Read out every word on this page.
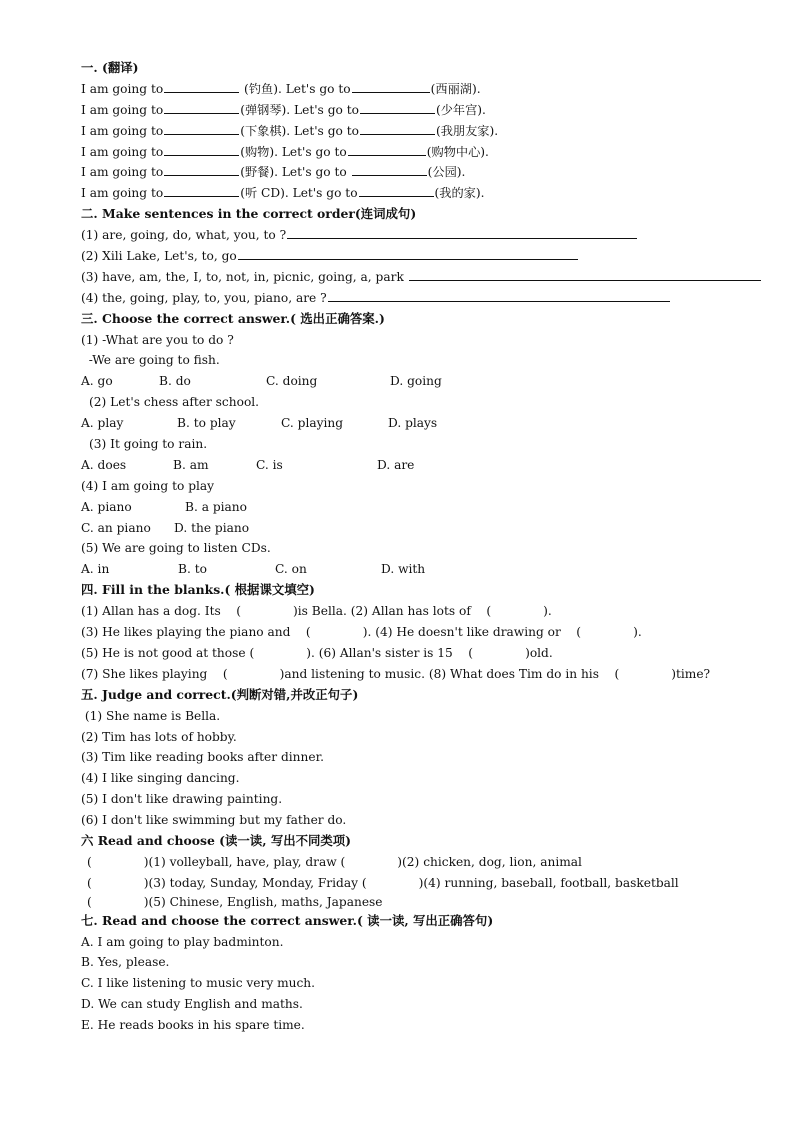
一. (翻译)
I am going to	(钓鱼). Let's go to	(西丽湖).
I am going to	(弹钢琴). Let's go to	(少年宫).
I am going to	(下象棋). Let's go to	(我朋友家).
I am going to	(购物). Let's go to	(购物中心).
I am going to	(野餐). Let's go to	(公园).
I am going to	(听 CD). Let's go to	(我的家).
二. Make sentences in the correct order(连词成句)
(1) are, going, do, what, you, to ?
(2) Xili Lake, Let's, to, go
(3) have, am, the, I, to, not, in, picnic, going, a, park
(4) the, going, play, to, you, piano, are ?
三. Choose the correct answer.( 选出正确答案.)
(1) -What are you to do ?
-We are going to fish.
A. go	B. do	C. doing	D. going
(2) Let's chess after school.
A. play	B. to play	C. playing	D. plays
(3) It going to rain.
A. does	B. am	C. is	D. are
(4) I am going to play
A. piano	B. a piano
C. an piano D. the piano
(5) We are going to listen CDs.
A. in	B. to	C. on	D. with
四. Fill in the blanks.( 根据课文填空)
(1) Allan has a dog. Its    (	)is Bella. (2) Allan has lots of    (	).
(3) He likes playing the piano and    (	). (4) He doesn't like drawing or    (	).
(5) He is not good at those (	). (6) Allan's sister is 15    (	)old.
(7) She likes playing    (	)and listening to music. (8) What does Tim do in his    (	)time?
五. Judge and correct.(判断对错,并改正句子)
(1) She name is Bella.
(2) Tim has lots of hobby.
(3) Tim like reading books after dinner.
(4) I like singing dancing.
(5) I don't like drawing painting.
(6) I don't like swimming but my father do.
六 Read and choose (读一读, 写出不同类项)
(	)(1) volleyball, have, play, draw (	)(2) chicken, dog, lion, animal
(	)(3) today, Sunday, Monday, Friday (	)(4) running, baseball, football, basketball
(	)(5) Chinese, English, maths, Japanese
七. Read and choose the correct answer.( 读一读, 写出正确答句)
A. I am going to play badminton.
B. Yes, please.
C. I like listening to music very much.
D. We can study English and maths.
E. He reads books in his spare time.
